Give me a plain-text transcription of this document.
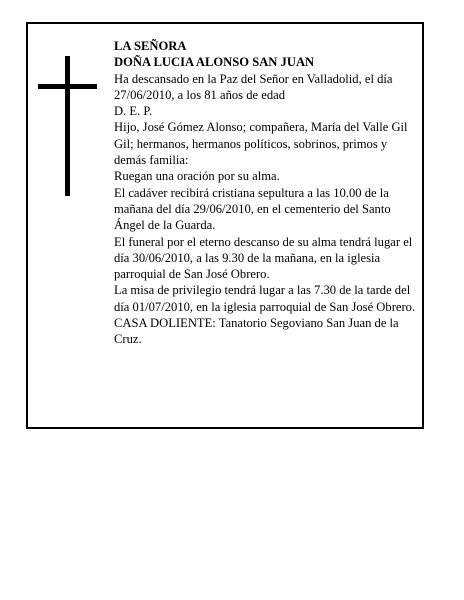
LA SEÑORA

DOÑA LUCIA ALONSO SAN JUAN

Ha descansado en la Paz del Señor en Valladolid, el día 27/06/2010, a los 81 años de edad

D. E. P.

Hijo, José Gómez Alonso; compañera, María del Valle Gil Gil; hermanos, hermanos políticos, sobrinos, primos y demás familia:

Ruegan una oración por su alma.

El cadáver recibirá cristiana sepultura a las 10.00 de la mañana del día 29/06/2010, en el cementerio del Santo Ángel de la Guarda.

El funeral por el eterno descanso de su alma tendrá lugar el día 30/06/2010, a las 9.30 de la mañana, en la iglesia parroquial de San José Obrero.

La misa de privilegio tendrá lugar a las 7.30 de la tarde del día 01/07/2010, en la iglesia parroquial de San José Obrero.

CASA DOLIENTE: Tanatorio Segoviano San Juan de la Cruz.
